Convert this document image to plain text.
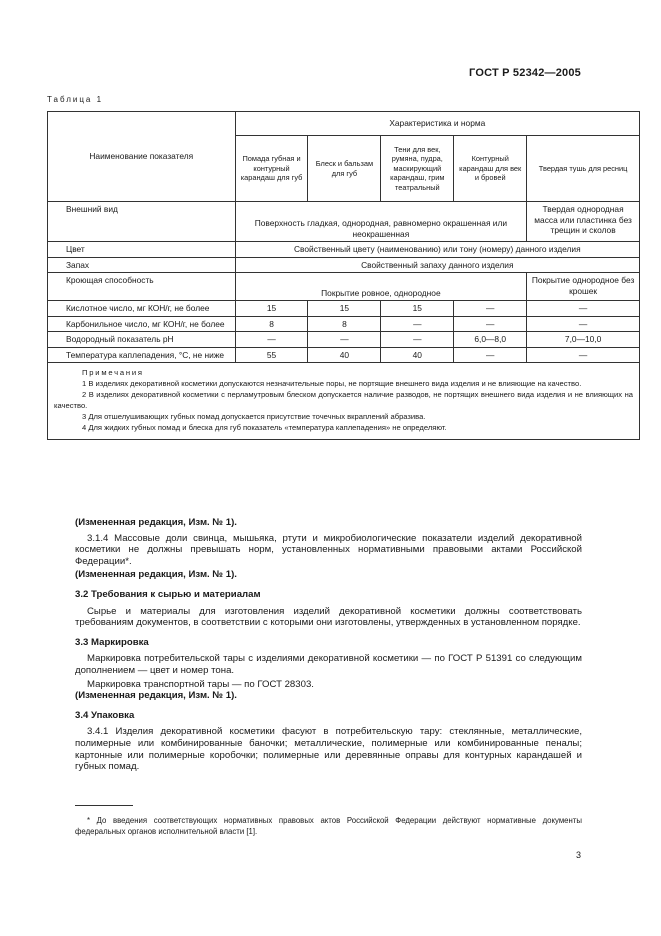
ГОСТ Р 52342—2005
Таблица 1
Наименование показателя	Характеристика и норма				
	Помада губная и контурный карандаш для губ	Блеск и бальзам для губ	Тени для век, румяна, пудра, маскирующий карандаш, грим театральный	Контурный карандаш для век и бровей	Твердая тушь для ресниц
Внешний вид	Поверхность гладкая, однородная, равномерно окрашенная или неокрашенная				Твердая однородная масса или пластинка без трещин и сколов
Цвет	Свойственный цвету (наименованию) или тону (номеру) данного изделия				
Запах	Свойственный запаху данного изделия				
Кроющая способность	Покрытие ровное, однородное				Покрытие однородное без крошек
Кислотное число, мг КОН/г, не более	15	15	15	—	—
Карбонильное число, мг КОН/г, не более	8	8	—	—	—
Водородный показатель pH	—	—	—	6,0—8,0	7,0—10,0
Температура каплепадения, °С, не ниже	55	40	40	—	—

Примечания
1 В изделиях декоративной косметики допускаются незначительные поры, не портящие внешнего вида изделия и не влияющие на качество.
2 В изделиях декоративной косметики с перламутровым блеском допускается наличие разводов, не портящих внешнего вида изделия и не влияющих на качество.
3 Для отшелушивающих губных помад допускается присутствие точечных вкраплений абразива.
4 Для жидких губных помад и блеска для губ показатель «температура каплепадения» не определяют.					
(Измененная редакция, Изм. № 1).
3.1.4 Массовые доли свинца, мышьяка, ртути и микробиологические показатели изделий декоративной косметики не должны превышать норм, установленных нормативными правовыми актами Российской Федерации*.
(Измененная редакция, Изм. № 1).
3.2 Требования к сырью и материалам
Сырье и материалы для изготовления изделий декоративной косметики должны соответствовать требованиям документов, в соответствии с которыми они изготовлены, утвержденных в установленном порядке.
3.3 Маркировка
Маркировка потребительской тары с изделиями декоративной косметики — по ГОСТ Р 51391 со следующим дополнением — цвет и номер тона.
Маркировка транспортной тары — по ГОСТ 28303.
(Измененная редакция, Изм. № 1).
3.4 Упаковка
3.4.1 Изделия декоративной косметики фасуют в потребительскую тару: стеклянные, металлические, полимерные или комбинированные баночки; металлические, полимерные или комбинированные пеналы; картонные или полимерные коробочки; полимерные или деревянные оправы для контурных карандашей и губных помад.
* До введения соответствующих нормативных правовых актов Российской Федерации действуют нормативные документы федеральных органов исполнительной власти [1].
3
